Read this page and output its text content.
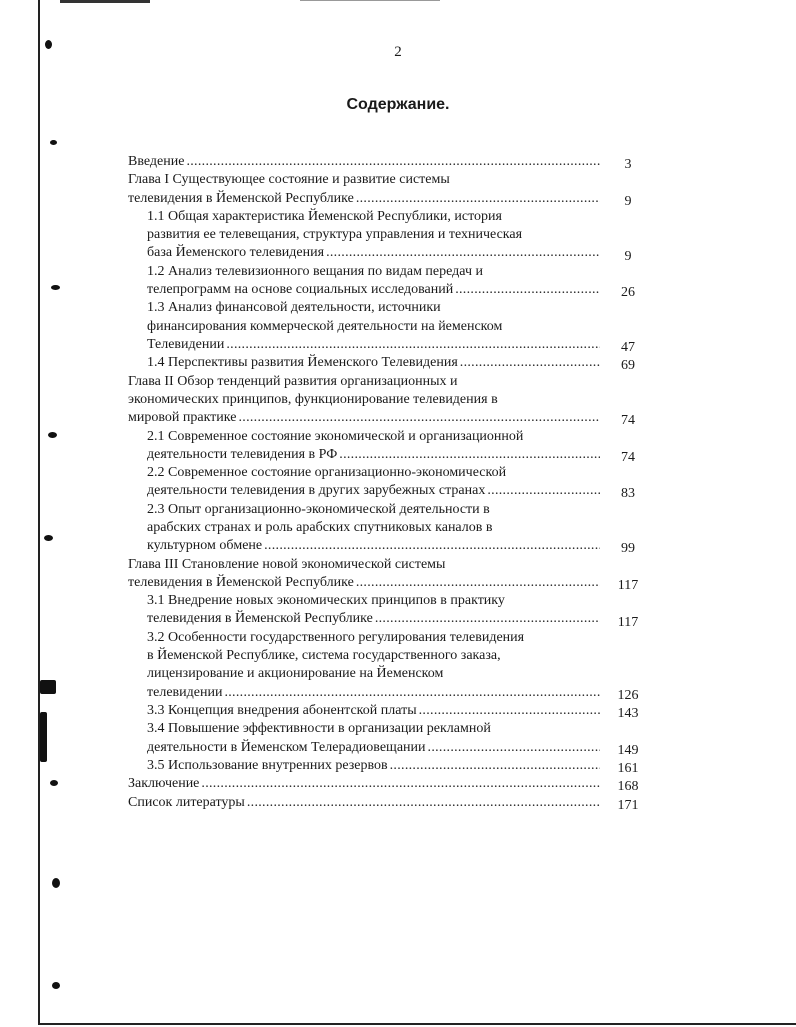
2
Содержание.
Введение . . .	3
Глава I Существующее состояние и развитие системы
телевидения в Йеменской Республике . . .	9
1.1 Общая характеристика Йеменской Республики, история
развития ее телевещания, структура управления и техническая
база Йеменского телевидения . . .	9
1.2 Анализ телевизионного вещания по видам передач и
телепрограмм на основе социальных исследований . . .	26
1.3 Анализ финансовой деятельности, источники
финансирования коммерческой деятельности на йеменском
Телевидении . . .	47
1.4 Перспективы развития Йеменского Телевидения . . .	69
Глава II Обзор тенденций развития организационных и
экономических принципов, функционирование телевидения в
мировой практике . . .	74
2.1 Современное состояние экономической и организационной
деятельности телевидения в РФ . . .	74
2.2 Современное состояние организационно-экономической
деятельности телевидения в других зарубежных странах . . .	83
2.3 Опыт организационно-экономической деятельности в
арабских странах и роль арабских спутниковых каналов в
культурном обмене . . .	99
Глава III Становление новой экономической системы
телевидения в Йеменской Республике . . .	117
3.1 Внедрение новых экономических принципов в практику
телевидения в Йеменской Республике . . .	117
3.2 Особенности государственного регулирования телевидения
в Йеменской Республике, система государственного заказа,
лицензирование и акционирование на Йеменском
телевидении . . .	126
3.3 Концепция внедрения абонентской платы . . .	143
3.4 Повышение эффективности в организации рекламной
деятельности в Йеменском Телерадиовещании . . .	149
3.5 Использование внутренних резервов . . .	161
Заключение . . .	168
Список литературы . . .	171
